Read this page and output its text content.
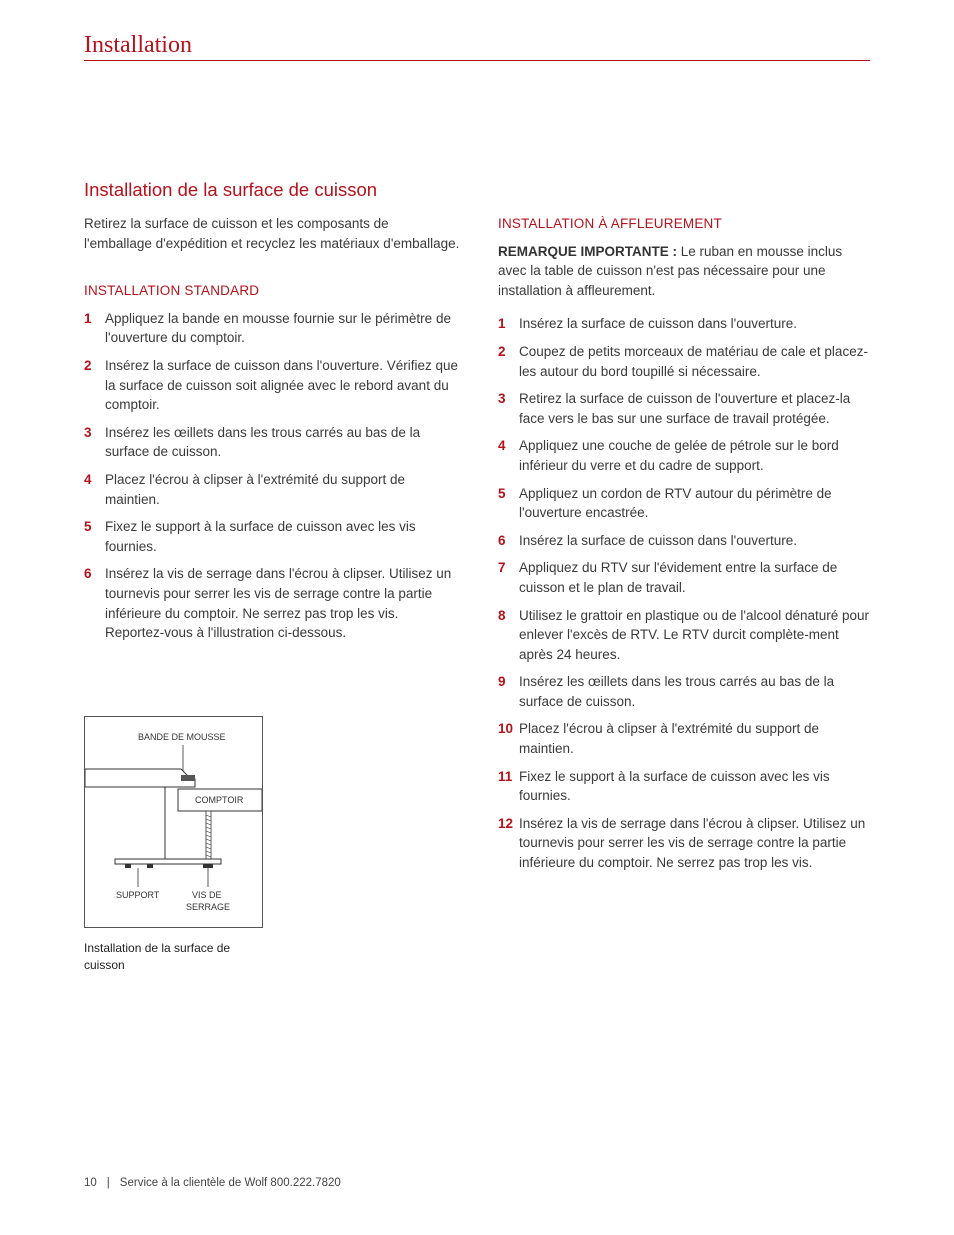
Installation
Installation de la surface de cuisson

Retirez la surface de cuisson et les composants de l'emballage d'expédition et recyclez les matériaux d'emballage.

INSTALLATION STANDARD

1 Appliquez la bande en mousse fournie sur le périmètre de l'ouverture du comptoir.
2 Insérez la surface de cuisson dans l'ouverture. Vérifiez que la surface de cuisson soit alignée avec le rebord avant du comptoir.
3 Insérez les œillets dans les trous carrés au bas de la surface de cuisson.
4 Placez l'écrou à clipser à l'extrémité du support de maintien.
5 Fixez le support à la surface de cuisson avec les vis fournies.
6 Insérez la vis de serrage dans l'écrou à clipser. Utilisez un tournevis pour serrer les vis de serrage contre la partie inférieure du comptoir. Ne serrez pas trop les vis. Reportez-vous à l'illustration ci-dessous.
BANDE DE MOUSSE
COMPTOIR
SUPPORT	VIS DE
SERRAGE
Installation de la surface de cuisson

INSTALLATION À AFFLEUREMENT

REMARQUE IMPORTANTE : Le ruban en mousse inclus avec la table de cuisson n'est pas nécessaire pour une installation à affleurement.

1 Insérez la surface de cuisson dans l'ouverture.
2 Coupez de petits morceaux de matériau de cale et placez-les autour du bord toupillé si nécessaire.
3 Retirez la surface de cuisson de l'ouverture et placez-la face vers le bas sur une surface de travail protégée.
4 Appliquez une couche de gelée de pétrole sur le bord inférieur du verre et du cadre de support.
5 Appliquez un cordon de RTV autour du périmètre de l'ouverture encastrée.
6 Insérez la surface de cuisson dans l'ouverture.
7 Appliquez du RTV sur l'évidement entre la surface de cuisson et le plan de travail.
8 Utilisez le grattoir en plastique ou de l'alcool dénaturé pour enlever l'excès de RTV. Le RTV durcit complète-ment après 24 heures.
9 Insérez les œillets dans les trous carrés au bas de la surface de cuisson.
10 Placez l'écrou à clipser à l'extrémité du support de maintien.
11 Fixez le support à la surface de cuisson avec les vis fournies.
12 Insérez la vis de serrage dans l'écrou à clipser. Utilisez un tournevis pour serrer les vis de serrage contre la partie inférieure du comptoir. Ne serrez pas trop les vis.
10 | Service à la clientèle de Wolf 800.222.7820
